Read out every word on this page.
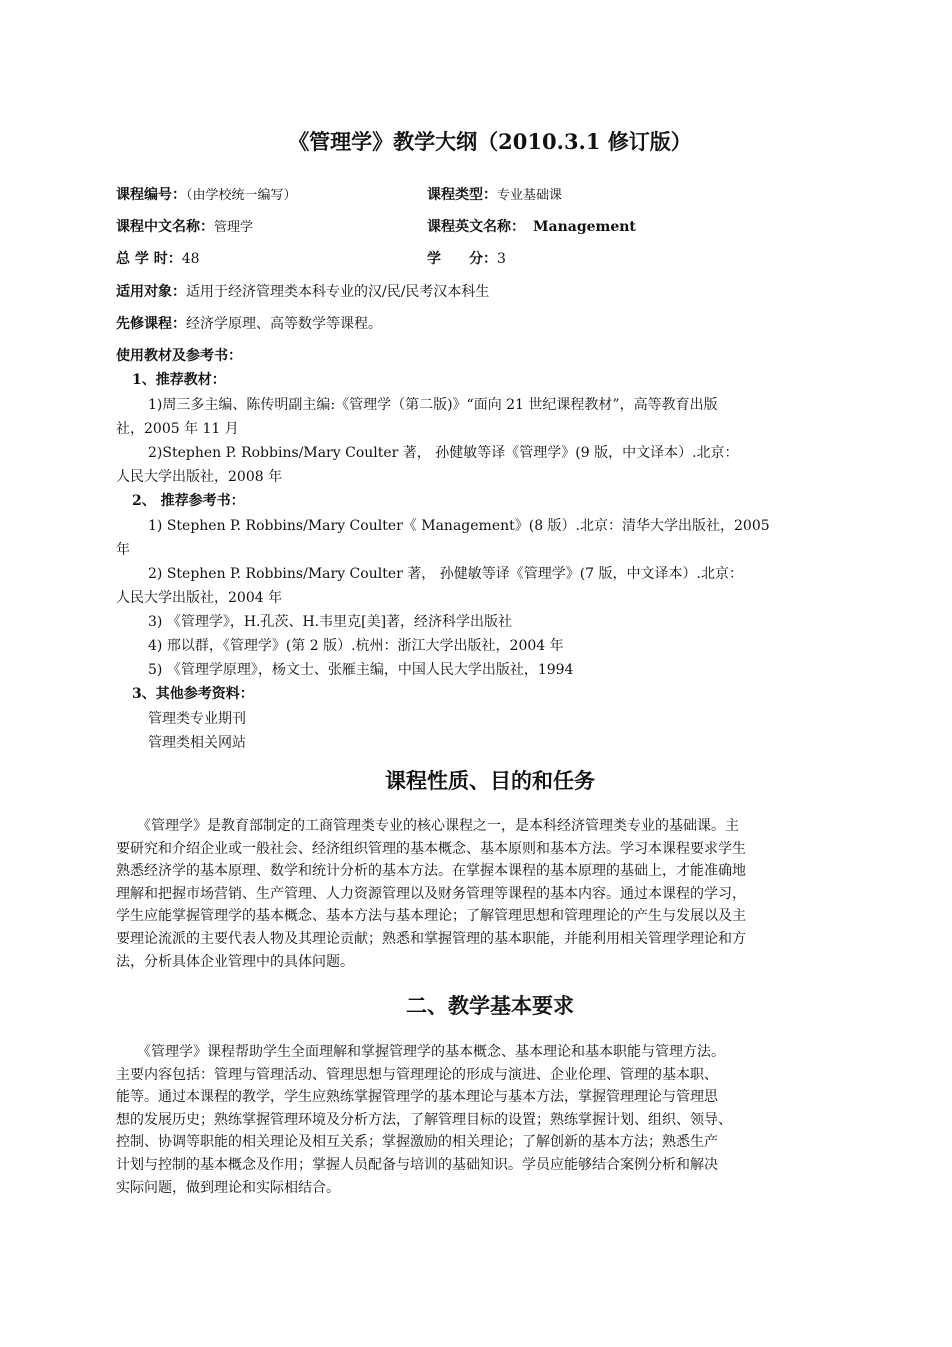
《管理学》教学大纲（2010.3.1 修订版）
课程编号：（由学校统一编写）	课程类型：专业基础课
课程中文名称：管理学	课程英文名称： Management
总 学 时：48	学　　分：3
适用对象：适用于经济管理类本科专业的汉/民/民考汉本科生
先修课程：经济学原理、高等数学等课程。
使用教材及参考书：
1、推荐教材：
1)周三多主编、陈传明副主编:《管理学（第二版)》“面向 21 世纪课程教材”，高等教育出版
社，2005 年 11 月
2)Stephen P. Robbins/Mary Coulter 著， 孙健敏等译《管理学》(9 版，中文译本）.北京：
人民大学出版社，2008 年
2、 推荐参考书：
1) Stephen P. Robbins/Mary Coulter《 Management》(8 版）.北京：清华大学出版社，2005
年
2) Stephen P. Robbins/Mary Coulter 著， 孙健敏等译《管理学》(7 版，中文译本）.北京：
人民大学出版社，2004 年
3) 《管理学》，H.孔茨、H.韦里克[美]著，经济科学出版社
4) 邢以群，《管理学》(第 2 版）.杭州：浙江大学出版社，2004 年
5) 《管理学原理》，杨文士、张雁主编，中国人民大学出版社，1994
3、其他参考资料：
管理类专业期刊
管理类相关网站
课程性质、目的和任务

　　《管理学》是教育部制定的工商管理类专业的核心课程之一，是本科经济管理类专业的基础课。主

要研究和介绍企业或一般社会、经济组织管理的基本概念、基本原则和基本方法。学习本课程要求学生

熟悉经济学的基本原理、数学和统计分析的基本方法。在掌握本课程的基本原理的基础上，才能准确地

理解和把握市场营销、生产管理、人力资源管理以及财务管理等课程的基本内容。通过本课程的学习，

学生应能掌握管理学的基本概念、基本方法与基本理论；了解管理思想和管理理论的产生与发展以及主

要理论流派的主要代表人物及其理论贡献；熟悉和掌握管理的基本职能，并能利用相关管理学理论和方

法，分析具体企业管理中的具体问题。

二、教学基本要求

　　《管理学》课程帮助学生全面理解和掌握管理学的基本概念、基本理论和基本职能与管理方法。

主要内容包括：管理与管理活动、管理思想与管理理论的形成与演进、企业伦理、管理的基本职、

能等。通过本课程的教学，学生应熟练掌握管理学的基本理论与基本方法，掌握管理理论与管理思

想的发展历史；熟练掌握管理环境及分析方法，了解管理目标的设置；熟练掌握计划、组织、领导、

控制、协调等职能的相关理论及相互关系；掌握激励的相关理论；了解创新的基本方法；熟悉生产

计划与控制的基本概念及作用；掌握人员配备与培训的基础知识。学员应能够结合案例分析和解决

实际问题，做到理论和实际相结合。
